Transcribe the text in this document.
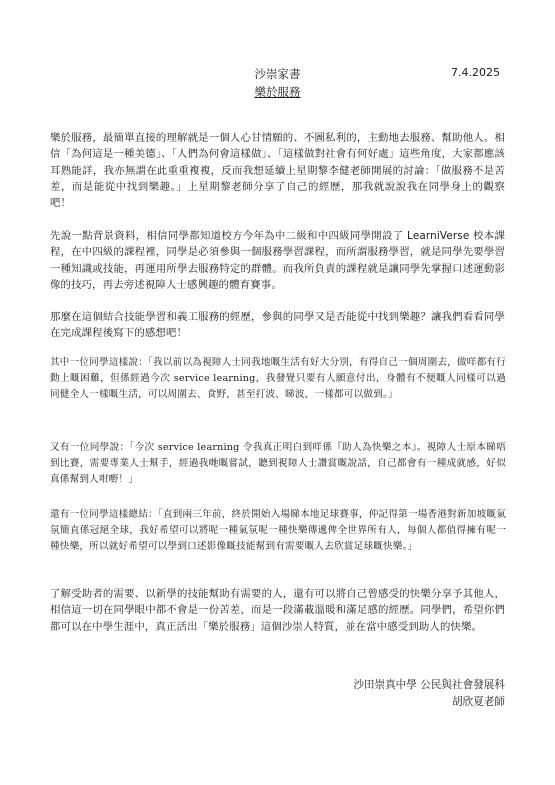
沙崇家書	7.4.2025
樂於服務

樂於服務，最簡單直接的理解就是一個人心甘情願的、不圖私利的，主動地去服務、幫助他人。相信「為何這是一種美德」、「人們為何會這樣做」、「這樣做對社會有何好處」這些角度，大家都應該耳熟能詳，我亦無謂在此重重複複，反而我想延續上星期黎李健老師開展的討論：「做服務不是苦差，而是能從中找到樂趣。」上星期黎老師分享了自己的經歷，那我就說說我在同學身上的觀察吧！

先說一點背景資料，相信同學都知道校方今年為中二級和中四級同學開設了 LearniVerse 校本課程，在中四級的課程裡，同學是必須參與一個服務學習課程，而所謂服務學習，就是同學先要學習一種知識或技能，再運用所學去服務特定的群體。而我所負責的課程就是讓同學先掌握口述運動影像的技巧，再去旁述視障人士感興趣的體育賽事。

那麼在這個結合技能學習和義工服務的經歷，參與的同學又是否能從中找到樂趣？讓我們看看同學在完成課程後寫下的感想吧！

其中一位同學這樣說：「我以前以為視障人士同我地嘅生活有好大分別，有得自己一個周圍去，做咩都有行動上嘅困難，但係經過今次 service learning，我發覺只要有人願意付出，身體有不便嘅人同樣可以過同健全人一樣嘅生活，可以周圍去、食野，甚至打波、睇波，一樣都可以做到。」

又有一位同學說：「今次 service learning 令我真正明白到咩係『助人為快樂之本』。視障人士原本睇唔到比賽，需要專業人士幫手，經過我哋嘅嘗試，聽到視障人士讚賞嘅說話，自己都會有一種成就感，好似真係幫到人咁嘢！」

還有一位同學這樣總結：「直到兩三年前，終於開始入場睇本地足球賽事，仲記得第一場香港對新加坡嘅氣氛簡直係冠絕全球，我好希望可以將呢一種氣氛呢一種快樂傳遞俾全世界所有人，每個人都值得擁有呢一種快樂，所以就好希望可以學到口述影像嘅技能幫到有需要嘅人去欣賞足球嘅快樂。」

了解受助者的需要、以新學的技能幫助有需要的人，還有可以將自己曾感受的快樂分享予其他人，相信這一切在同學眼中都不會是一份苦差，而是一段滿載溫暖和滿足感的經歷。同學們，希望你們都可以在中學生涯中，真正活出「樂於服務」這個沙崇人特質，並在當中感受到助人的快樂。

沙田崇真中學 公民與社會發展科

胡欣夏老師
